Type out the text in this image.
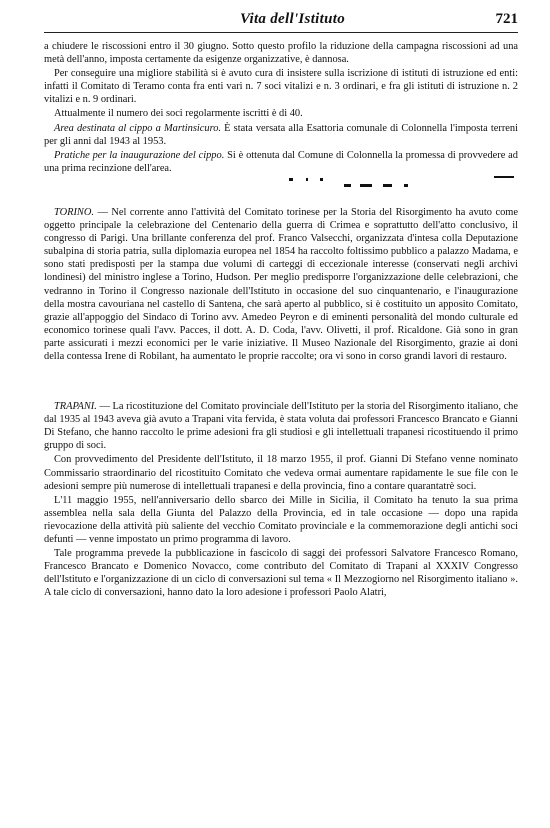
Vita dell'Istituto	721

a chiudere le riscossioni entro il 30 giugno. Sotto questo profilo la riduzione della campagna riscossioni ad una metà dell'anno, imposta certamente da esigenze organizzative, è dannosa.

Per conseguire una migliore stabilità si è avuto cura di insistere sulla iscrizione di istituti di istruzione ed enti: infatti il Comitato di Teramo conta fra enti vari n. 7 soci vitalizi e n. 3 ordinari, e fra gli istituti di istruzione n. 2 vitalizi e n. 9 ordinari.

Attualmente il numero dei soci regolarmente iscritti è di 40.

Area destinata al cippo a Martinsicuro. È stata versata alla Esattoria comunale di Colonnella l'imposta terreni per gli anni dal 1943 al 1953.

Pratiche per la inaugurazione del cippo. Si è ottenuta dal Comune di Colonnella la promessa di provvedere ad una prima recinzione dell'area.

TORINO. — Nel corrente anno l'attività del Comitato torinese per la Storia del Risorgimento ha avuto come oggetto principale la celebrazione del Centenario della guerra di Crimea e soprattutto dell'atto conclusivo, il congresso di Parigi. Una brillante conferenza del prof. Franco Valsecchi, organizzata d'intesa colla Deputazione subalpina di storia patria, sulla diplomazia europea nel 1854 ha raccolto foltissimo pubblico a palazzo Madama, e sono stati predisposti per la stampa due volumi di carteggi di eccezionale interesse (conservati negli archivi londinesi) del ministro inglese a Torino, Hudson. Per meglio predisporre l'organizzazione delle celebrazioni, che vedranno in Torino il Congresso nazionale dell'Istituto in occasione del suo cinquantenario, e l'inaugurazione della mostra cavouriana nel castello di Santena, che sarà aperto al pubblico, si è costituito un apposito Comitato, grazie all'appoggio del Sindaco di Torino avv. Amedeo Peyron e di eminenti personalità del mondo culturale ed economico torinese quali l'avv. Pacces, il dott. A. D. Coda, l'avv. Olivetti, il prof. Ricaldone. Già sono in gran parte assicurati i mezzi economici per le varie iniziative. Il Museo Nazionale del Risorgimento, grazie ai doni della contessa Irene di Robilant, ha aumentato le proprie raccolte; ora vi sono in corso grandi lavori di restauro.

TRAPANI. — La ricostituzione del Comitato provinciale dell'Istituto per la storia del Risorgimento italiano, che dal 1935 al 1943 aveva già avuto a Trapani vita fervida, è stata voluta dai professori Francesco Brancato e Gianni Di Stefano, che hanno raccolto le prime adesioni fra gli studiosi e gli intellettuali trapanesi ricostituendo il primo gruppo di soci.

Con provvedimento del Presidente dell'Istituto, il 18 marzo 1955, il prof. Gianni Di Stefano venne nominato Commissario straordinario del ricostituito Comitato che vedeva ormai aumentare rapidamente le sue file con le adesioni sempre più numerose di intellettuali trapanesi e della provincia, fino a contare quarantatrè soci.

L'11 maggio 1955, nell'anniversario dello sbarco dei Mille in Sicilia, il Comitato ha tenuto la sua prima assemblea nella sala della Giunta del Palazzo della Provincia, ed in tale occasione — dopo una rapida rievocazione della attività più saliente del vecchio Comitato provinciale e la commemorazione degli antichi soci defunti — venne impostato un primo programma di lavoro.

Tale programma prevede la pubblicazione in fascicolo di saggi dei professori Salvatore Francesco Romano, Francesco Brancato e Domenico Novacco, come contributo del Comitato di Trapani al XXXIV Congresso dell'Istituto e l'organizzazione di un ciclo di conversazioni sul tema « Il Mezzogiorno nel Risorgimento italiano ». A tale ciclo di conversazioni, hanno dato la loro adesione i professori Paolo Alatri,
